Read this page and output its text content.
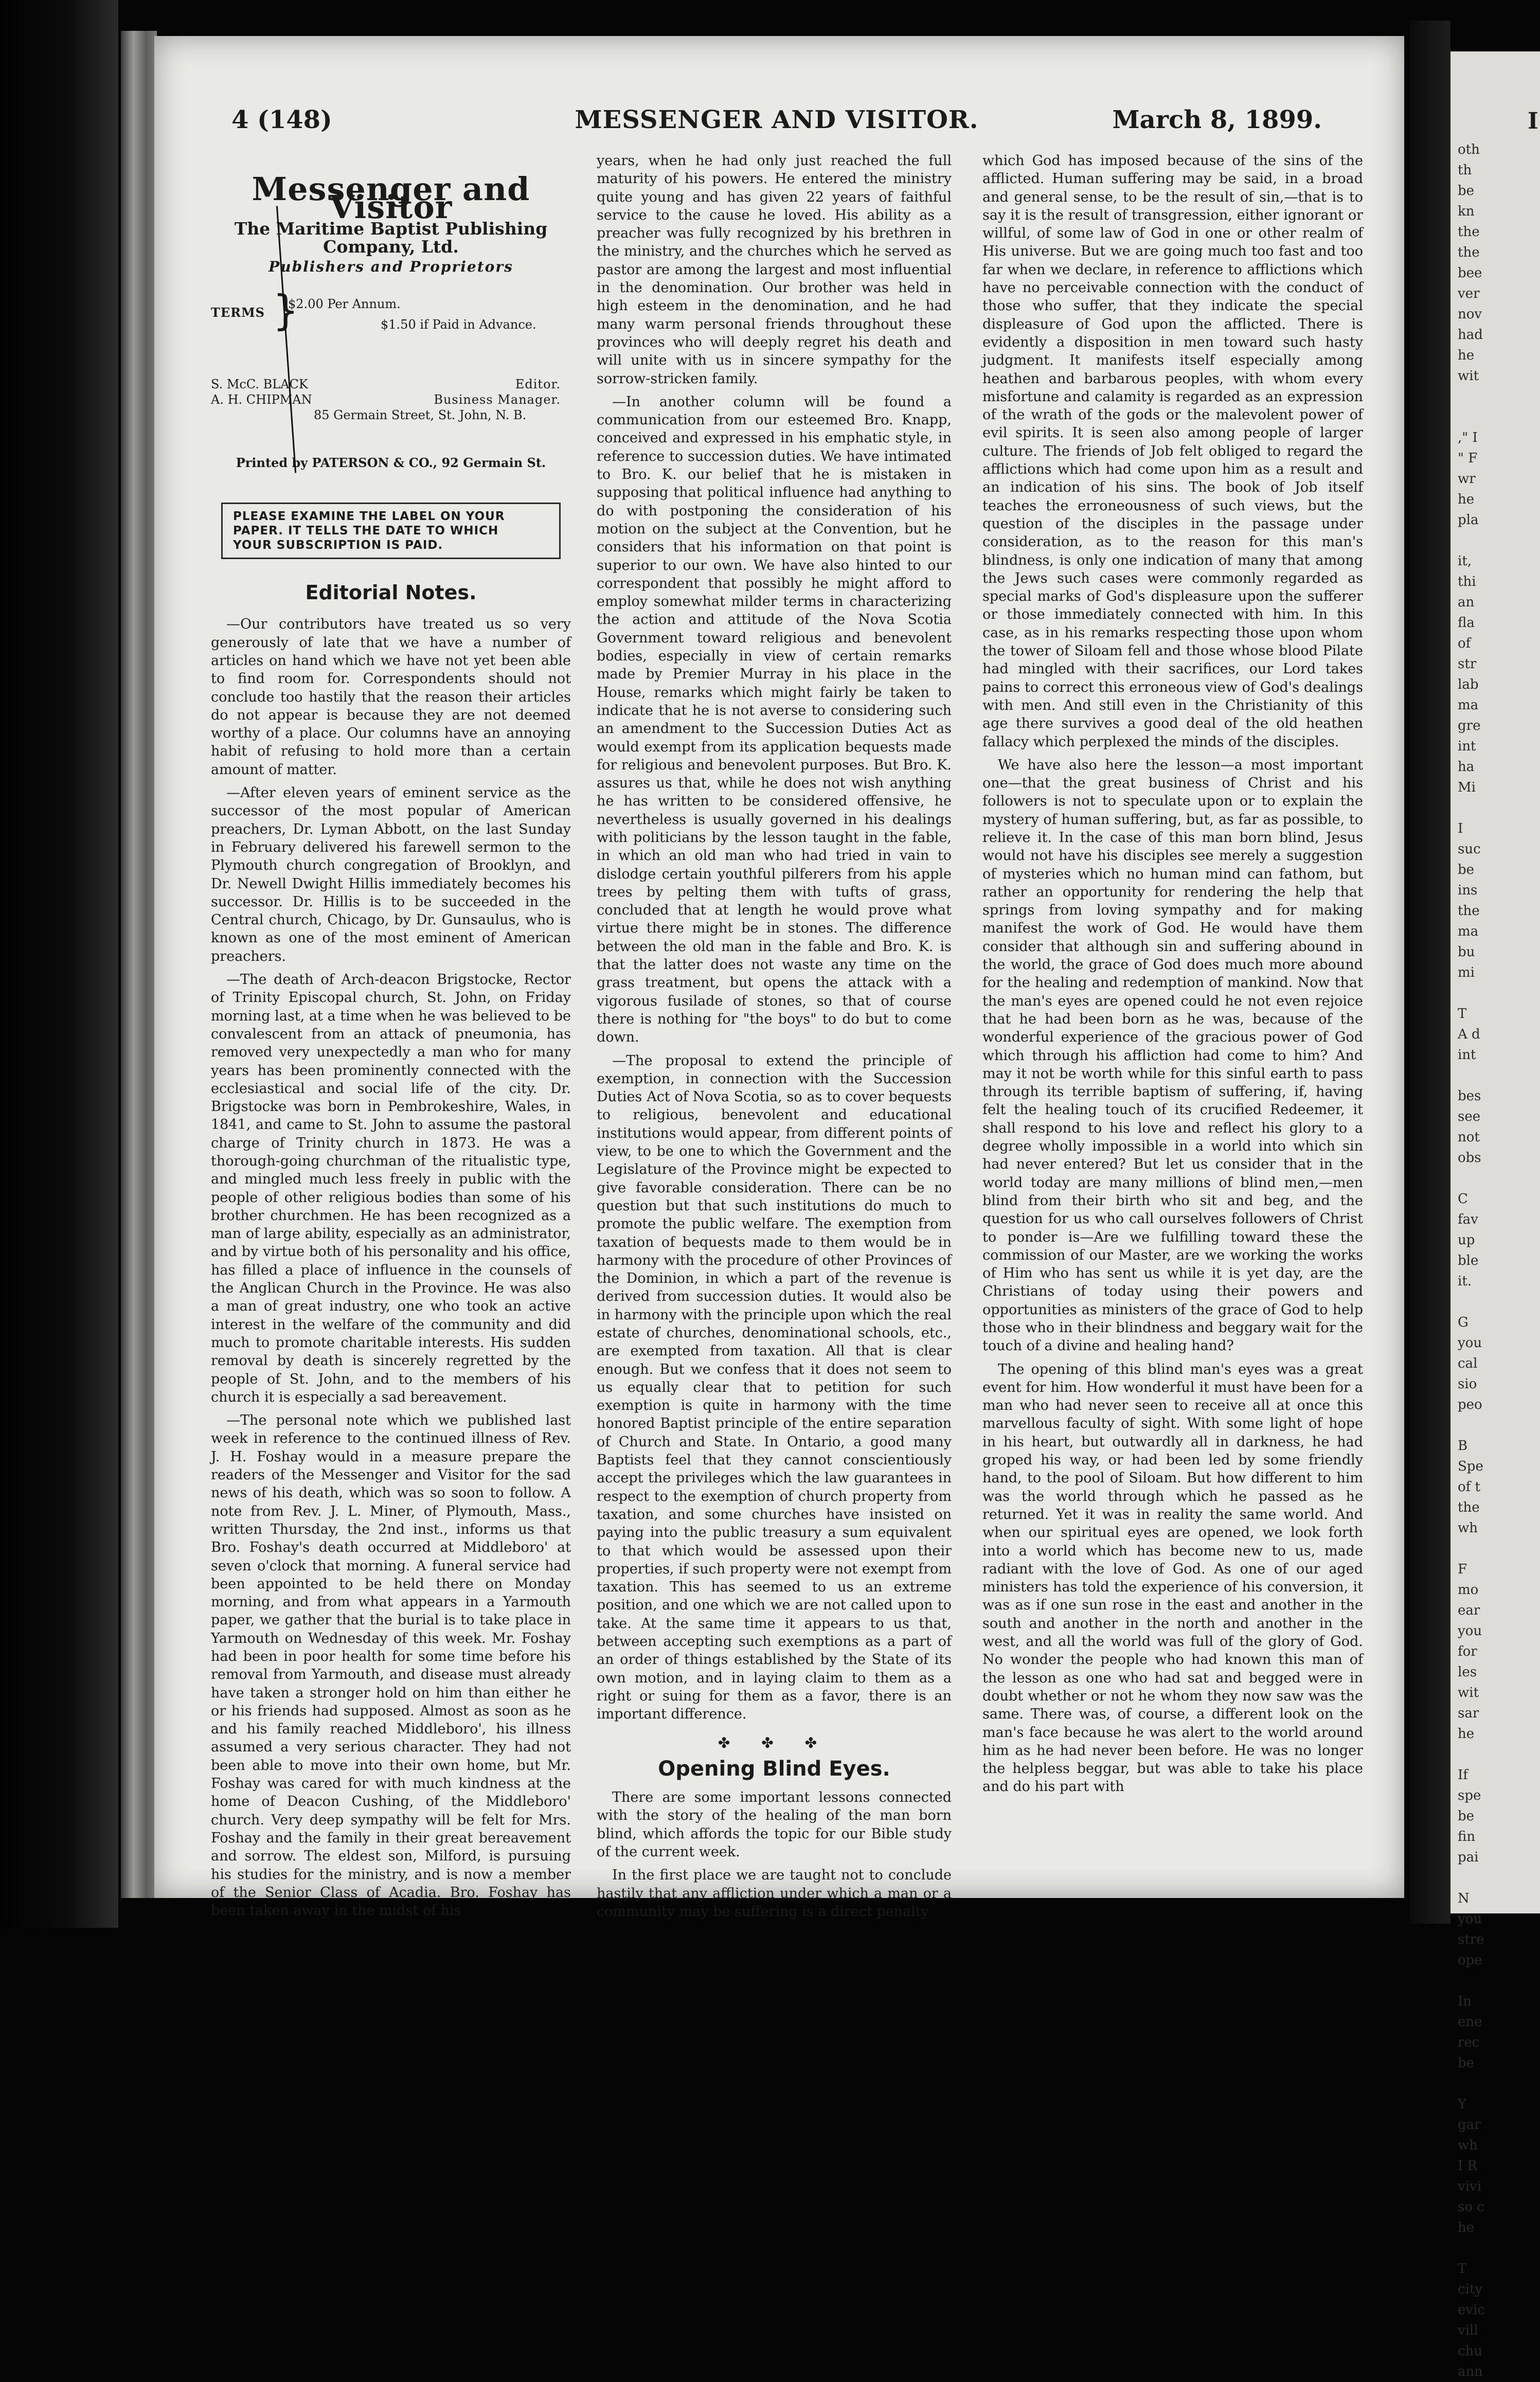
4 (148)	MESSENGER AND VISITOR.	March 8, 1899.
Messenger and Visitor
The Maritime Baptist Publishing Company, Ltd.
Publishers and Proprietors
TERMS }
$2.00 Per Annum.
$1.50 if Paid in Advance.
S. McC. BLACK	Editor.
A. H. CHIPMAN	Business Manager.
85 Germain Street, St. John, N. B.
Printed by PATERSON & CO., 92 Germain St.
PLEASE EXAMINE THE LABEL ON YOUR
PAPER. IT TELLS THE DATE TO WHICH
YOUR SUBSCRIPTION IS PAID.
Editorial Notes.

—Our contributors have treated us so very generously of late that we have a number of articles on hand which we have not yet been able to find room for. Correspondents should not conclude too hastily that the reason their articles do not appear is because they are not deemed worthy of a place. Our columns have an annoying habit of refusing to hold more than a certain amount of matter.

—After eleven years of eminent service as the successor of the most popular of American preachers, Dr. Lyman Abbott, on the last Sunday in February delivered his farewell sermon to the Plymouth church congregation of Brooklyn, and Dr. Newell Dwight Hillis immediately becomes his successor. Dr. Hillis is to be succeeded in the Central church, Chicago, by Dr. Gunsaulus, who is known as one of the most eminent of American preachers.

—The death of Arch-deacon Brigstocke, Rector of Trinity Episcopal church, St. John, on Friday morning last, at a time when he was believed to be convalescent from an attack of pneumonia, has removed very unexpectedly a man who for many years has been prominently connected with the ecclesiastical and social life of the city. Dr. Brigstocke was born in Pembrokeshire, Wales, in 1841, and came to St. John to assume the pastoral charge of Trinity church in 1873. He was a thorough-going churchman of the ritualistic type, and mingled much less freely in public with the people of other religious bodies than some of his brother churchmen. He has been recognized as a man of large ability, especially as an administrator, and by virtue both of his personality and his office, has filled a place of influence in the counsels of the Anglican Church in the Province. He was also a man of great industry, one who took an active interest in the welfare of the community and did much to promote charitable interests. His sudden removal by death is sincerely regretted by the people of St. John, and to the members of his church it is especially a sad bereavement.

—The personal note which we published last week in reference to the continued illness of Rev. J. H. Foshay would in a measure prepare the readers of the Messenger and Visitor for the sad news of his death, which was so soon to follow. A note from Rev. J. L. Miner, of Plymouth, Mass., written Thursday, the 2nd inst., informs us that Bro. Foshay's death occurred at Middleboro' at seven o'clock that morning. A funeral service had been appointed to be held there on Monday morning, and from what appears in a Yarmouth paper, we gather that the burial is to take place in Yarmouth on Wednesday of this week. Mr. Foshay had been in poor health for some time before his removal from Yarmouth, and disease must already have taken a stronger hold on him than either he or his friends had supposed. Almost as soon as he and his family reached Middleboro', his illness assumed a very serious character. They had not been able to move into their own home, but Mr. Foshay was cared for with much kindness at the home of Deacon Cushing, of the Middleboro' church. Very deep sympathy will be felt for Mrs. Foshay and the family in their great bereavement and sorrow. The eldest son, Milford, is pursuing his studies for the ministry, and is now a member of the Senior Class of Acadia. Bro. Foshay has been taken away in the midst of his

years, when he had only just reached the full maturity of his powers. He entered the ministry quite young and has given 22 years of faithful service to the cause he loved. His ability as a preacher was fully recognized by his brethren in the ministry, and the churches which he served as pastor are among the largest and most influential in the denomination. Our brother was held in high esteem in the denomination, and he had many warm personal friends throughout these provinces who will deeply regret his death and will unite with us in sincere sympathy for the sorrow-stricken family.

—In another column will be found a communication from our esteemed Bro. Knapp, conceived and expressed in his emphatic style, in reference to succession duties. We have intimated to Bro. K. our belief that he is mistaken in supposing that political influence had anything to do with postponing the consideration of his motion on the subject at the Convention, but he considers that his information on that point is superior to our own. We have also hinted to our correspondent that possibly he might afford to employ somewhat milder terms in characterizing the action and attitude of the Nova Scotia Government toward religious and benevolent bodies, especially in view of certain remarks made by Premier Murray in his place in the House, remarks which might fairly be taken to indicate that he is not averse to considering such an amendment to the Succession Duties Act as would exempt from its application bequests made for religious and benevolent purposes. But Bro. K. assures us that, while he does not wish anything he has written to be considered offensive, he nevertheless is usually governed in his dealings with politicians by the lesson taught in the fable, in which an old man who had tried in vain to dislodge certain youthful pilferers from his apple trees by pelting them with tufts of grass, concluded that at length he would prove what virtue there might be in stones. The difference between the old man in the fable and Bro. K. is that the latter does not waste any time on the grass treatment, but opens the attack with a vigorous fusilade of stones, so that of course there is nothing for "the boys" to do but to come down.

—The proposal to extend the principle of exemption, in connection with the Succession Duties Act of Nova Scotia, so as to cover bequests to religious, benevolent and educational institutions would appear, from different points of view, to be one to which the Government and the Legislature of the Province might be expected to give favorable consideration. There can be no question but that such institutions do much to promote the public welfare. The exemption from taxation of bequests made to them would be in harmony with the procedure of other Provinces of the Dominion, in which a part of the revenue is derived from succession duties. It would also be in harmony with the principle upon which the real estate of churches, denominational schools, etc., are exempted from taxation. All that is clear enough. But we confess that it does not seem to us equally clear that to petition for such exemption is quite in harmony with the time honored Baptist principle of the entire separation of Church and State. In Ontario, a good many Baptists feel that they cannot conscientiously accept the privileges which the law guarantees in respect to the exemption of church property from taxation, and some churches have insisted on paying into the public treasury a sum equivalent to that which would be assessed upon their properties, if such property were not exempt from taxation. This has seemed to us an extreme position, and one which we are not called upon to take. At the same time it appears to us that, between accepting such exemptions as a part of an order of things established by the State of its own motion, and in laying claim to them as a right or suing for them as a favor, there is an important difference.

✤ ✤ ✤
Opening Blind Eyes.

There are some important lessons connected with the story of the healing of the man born blind, which affords the topic for our Bible study of the current week.

In the first place we are taught not to conclude hastily that any affliction under which a man or a community may be suffering is a direct penalty

which God has imposed because of the sins of the afflicted. Human suffering may be said, in a broad and general sense, to be the result of sin,—that is to say it is the result of transgression, either ignorant or willful, of some law of God in one or other realm of His universe. But we are going much too fast and too far when we declare, in reference to afflictions which have no perceivable connection with the conduct of those who suffer, that they indicate the special displeasure of God upon the afflicted. There is evidently a disposition in men toward such hasty judgment. It manifests itself especially among heathen and barbarous peoples, with whom every misfortune and calamity is regarded as an expression of the wrath of the gods or the malevolent power of evil spirits. It is seen also among people of larger culture. The friends of Job felt obliged to regard the afflictions which had come upon him as a result and an indication of his sins. The book of Job itself teaches the erroneousness of such views, but the question of the disciples in the passage under consideration, as to the reason for this man's blindness, is only one indication of many that among the Jews such cases were commonly regarded as special marks of God's displeasure upon the sufferer or those immediately connected with him. In this case, as in his remarks respecting those upon whom the tower of Siloam fell and those whose blood Pilate had mingled with their sacrifices, our Lord takes pains to correct this erroneous view of God's dealings with men. And still even in the Christianity of this age there survives a good deal of the old heathen fallacy which perplexed the minds of the disciples.

We have also here the lesson—a most important one—that the great business of Christ and his followers is not to speculate upon or to explain the mystery of human suffering, but, as far as possible, to relieve it. In the case of this man born blind, Jesus would not have his disciples see merely a suggestion of mysteries which no human mind can fathom, but rather an opportunity for rendering the help that springs from loving sympathy and for making manifest the work of God. He would have them consider that although sin and suffering abound in the world, the grace of God does much more abound for the healing and redemption of mankind. Now that the man's eyes are opened could he not even rejoice that he had been born as he was, because of the wonderful experience of the gracious power of God which through his affliction had come to him? And may it not be worth while for this sinful earth to pass through its terrible baptism of suffering, if, having felt the healing touch of its crucified Redeemer, it shall respond to his love and reflect his glory to a degree wholly impossible in a world into which sin had never entered? But let us consider that in the world today are many millions of blind men,—men blind from their birth who sit and beg, and the question for us who call ourselves followers of Christ to ponder is—Are we fulfilling toward these the commission of our Master, are we working the works of Him who has sent us while it is yet day, are the Christians of today using their powers and opportunities as ministers of the grace of God to help those who in their blindness and beggary wait for the touch of a divine and healing hand?

The opening of this blind man's eyes was a great event for him. How wonderful it must have been for a man who had never seen to receive all at once this marvellous faculty of sight. With some light of hope in his heart, but outwardly all in darkness, he had groped his way, or had been led by some friendly hand, to the pool of Siloam. But how different to him was the world through which he passed as he returned. Yet it was in reality the same world. And when our spiritual eyes are opened, we look forth into a world which has become new to us, made radiant with the love of God. As one of our aged ministers has told the experience of his conversion, it was as if one sun rose in the east and another in the south and another in the north and another in the west, and all the world was full of the glory of God. No wonder the people who had known this man of the lesson as one who had sat and begged were in doubt whether or not he whom they now saw was the same. There was, of course, a different look on the man's face because he was alert to the world around him as he had never been before. He was no longer the helpless beggar, but was able to take his place and do his part with

I
oth
th
be
kn
the
the
bee
ver
nov
had
he
wit

," I
" F
wr
he
pla

it,
thi
an
fla
of
str
lab
ma
gre
int
ha
Mi

I
suc
be
ins
the
ma
bu
mi

T
A d
int

bes
see
not
obs

C
fav
up
ble
it.

G
you
cal
sio
peo

B
Spe
of t
the
wh

F
mo
ear
you
for
les
wit
sar
he

If
spe
be
fin
pai

N
you
stre
ope

In
ene
rec
be

Y
gar
wh
I R
vivi
so c
he

T
city
evic
vill
chu
ann
